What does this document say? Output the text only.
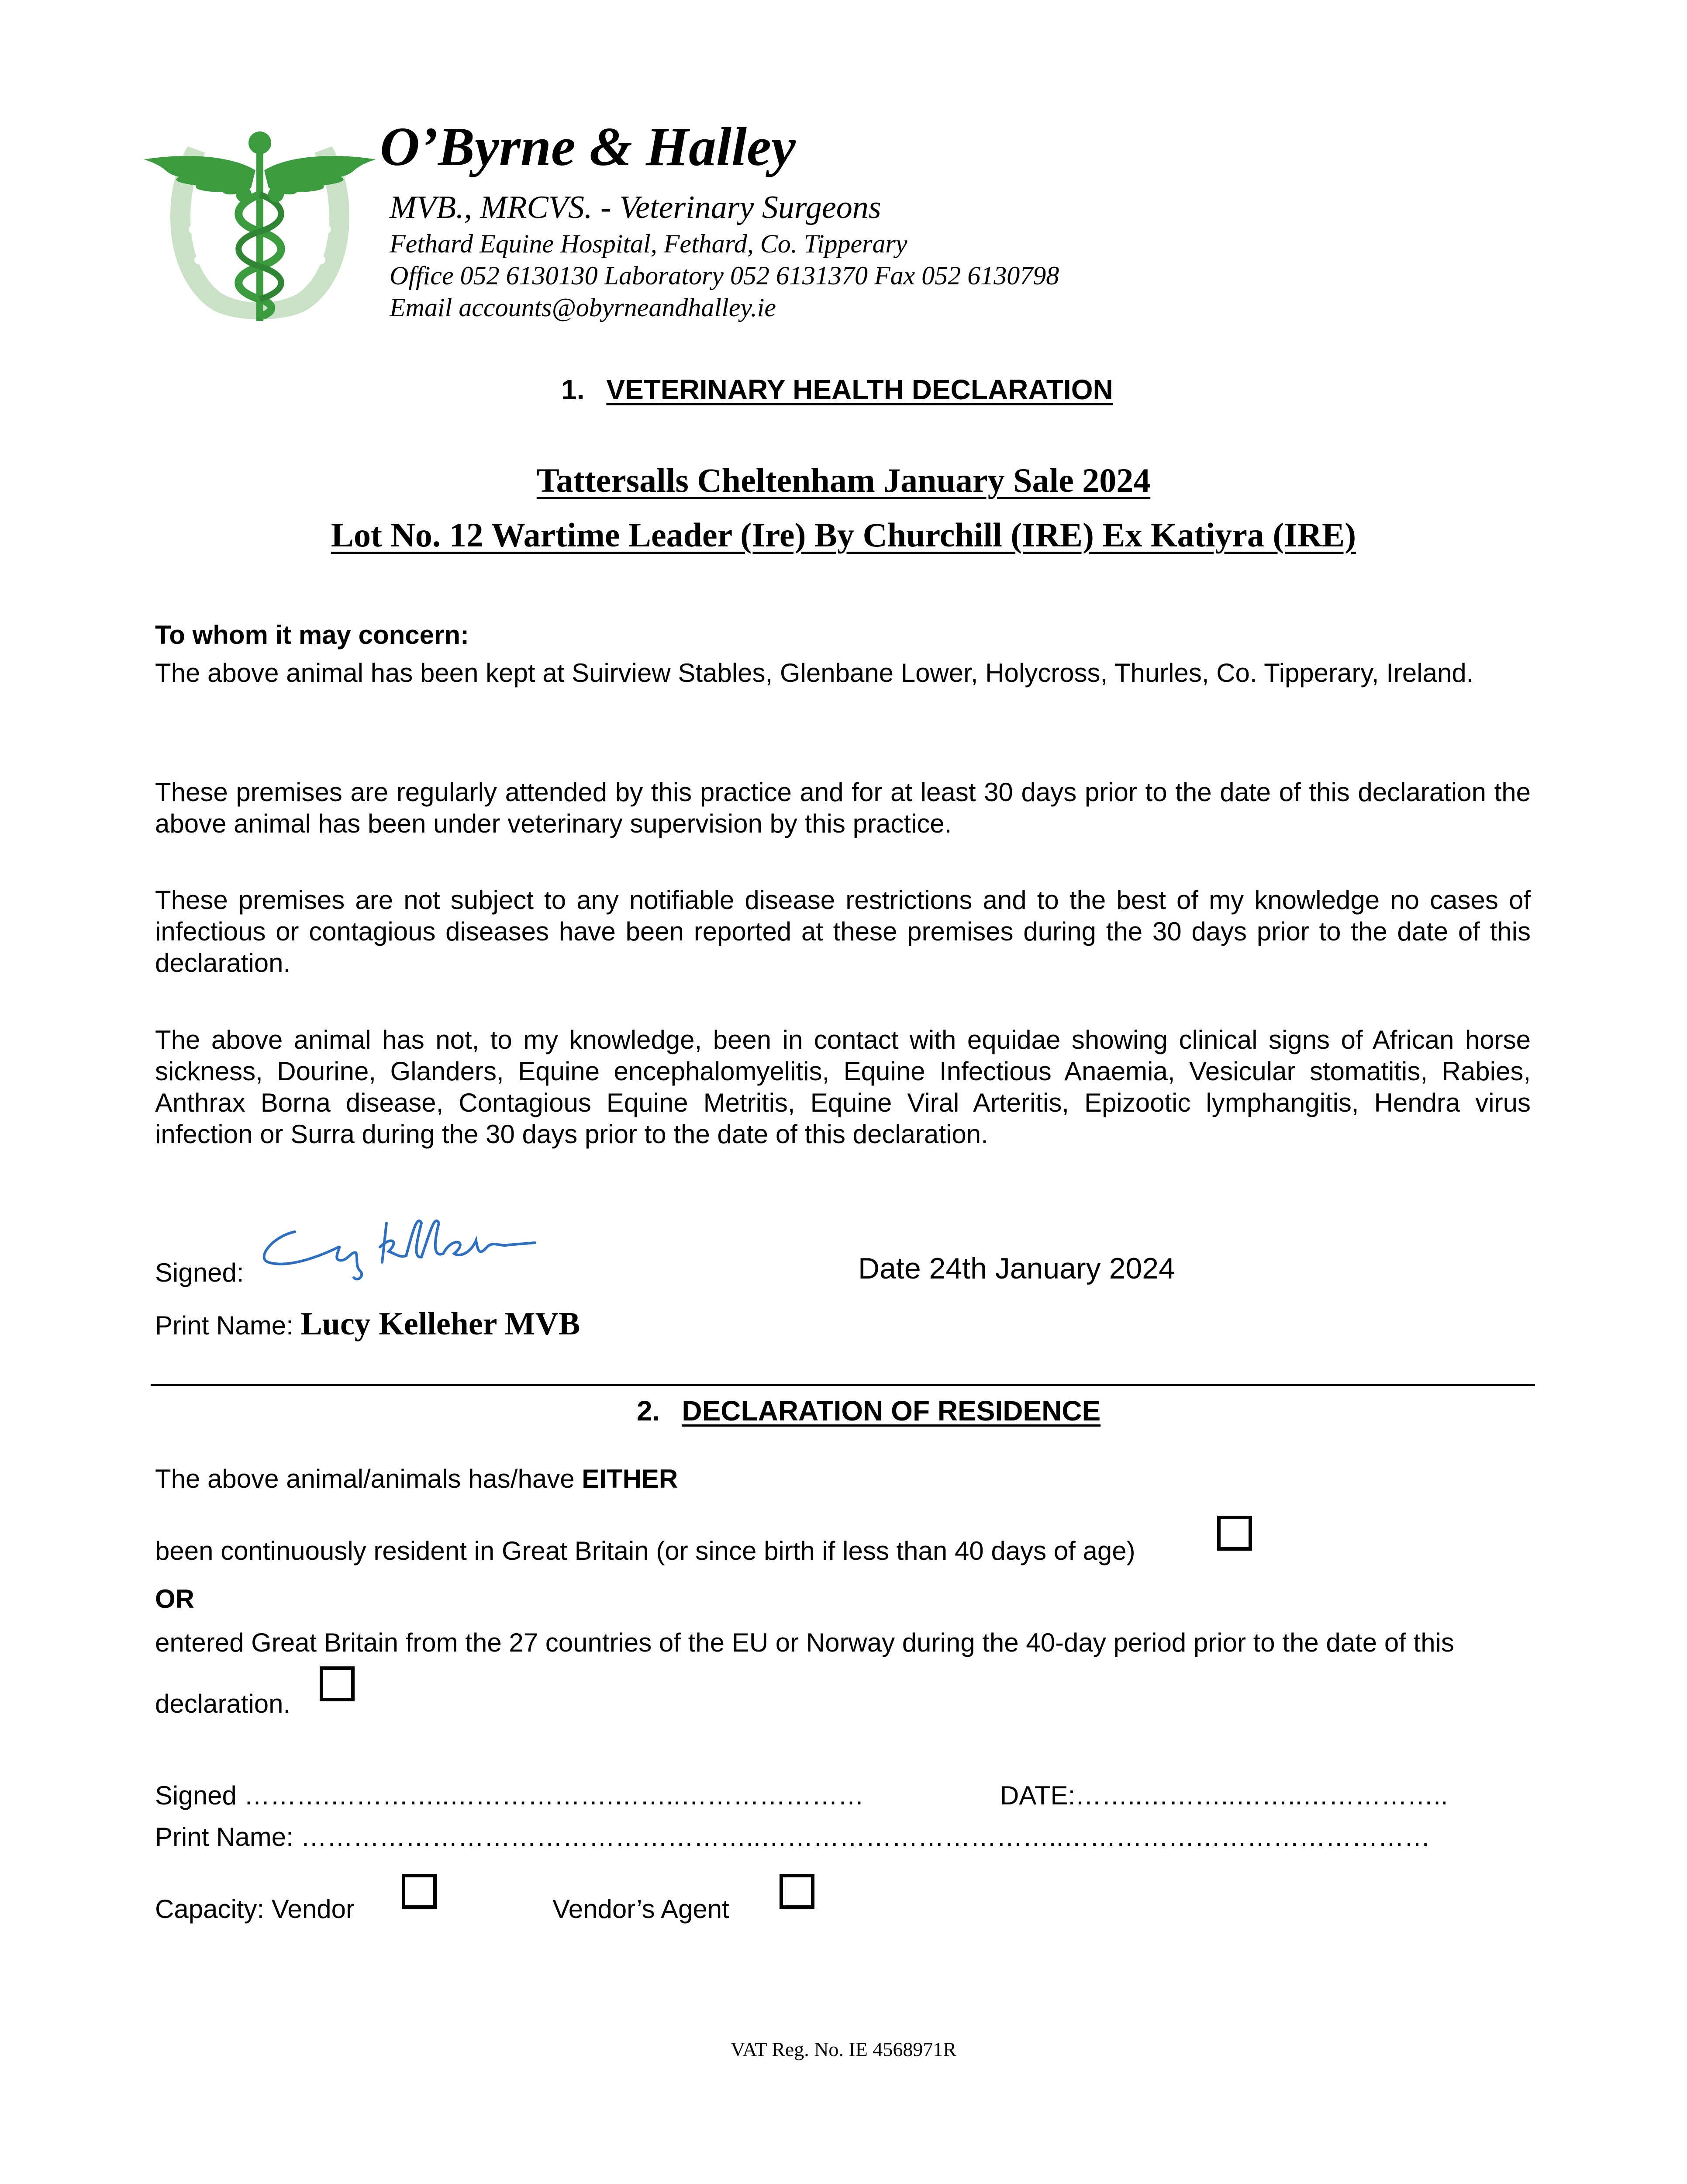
O’Byrne & Halley
MVB., MRCVS. - Veterinary Surgeons
Fethard Equine Hospital, Fethard, Co. Tipperary
Office 052 6130130 Laboratory 052 6131370 Fax 052 6130798
Email accounts@obyrneandhalley.ie
1. VETERINARY HEALTH DECLARATION
Tattersalls Cheltenham January Sale 2024
Lot No. 12 Wartime Leader (Ire) By Churchill (IRE) Ex Katiyra (IRE)
To whom it may concern:
The above animal has been kept at Suirview Stables, Glenbane Lower, Holycross, Thurles, Co. Tipperary, Ireland.
These premises are regularly attended by this practice and for at least 30 days prior to the date of this declaration the above animal has been under veterinary supervision by this practice.
These premises are not subject to any notifiable disease restrictions and to the best of my knowledge no cases of infectious or contagious diseases have been reported at these premises during the 30 days prior to the date of this declaration.
The above animal has not, to my knowledge, been in contact with equidae showing clinical signs of African horse sickness, Dourine, Glanders, Equine encephalomyelitis, Equine Infectious Anaemia, Vesicular stomatitis, Rabies, Anthrax Borna disease, Contagious Equine Metritis, Equine Viral Arteritis, Epizootic lymphangitis, Hendra virus infection or Surra during the 30 days prior to the date of this declaration.
Signed:	Date 24th January 2024
Print Name: Lucy Kelleher MVB
2. DECLARATION OF RESIDENCE
The above animal/animals has/have EITHER
been continuously resident in Great Britain (or since birth if less than 40 days of age)
OR
entered Great Britain from the 27 countries of the EU or Norway during the 40-day period prior to the date of this
declaration.
Signed ……….…………..……………….……..…………………	DATE:……..………..……..……………..
Print Name: ……………………………………………..……………………………..……………………………………
Capacity: Vendor	Vendor’s Agent
VAT Reg. No. IE 4568971R
